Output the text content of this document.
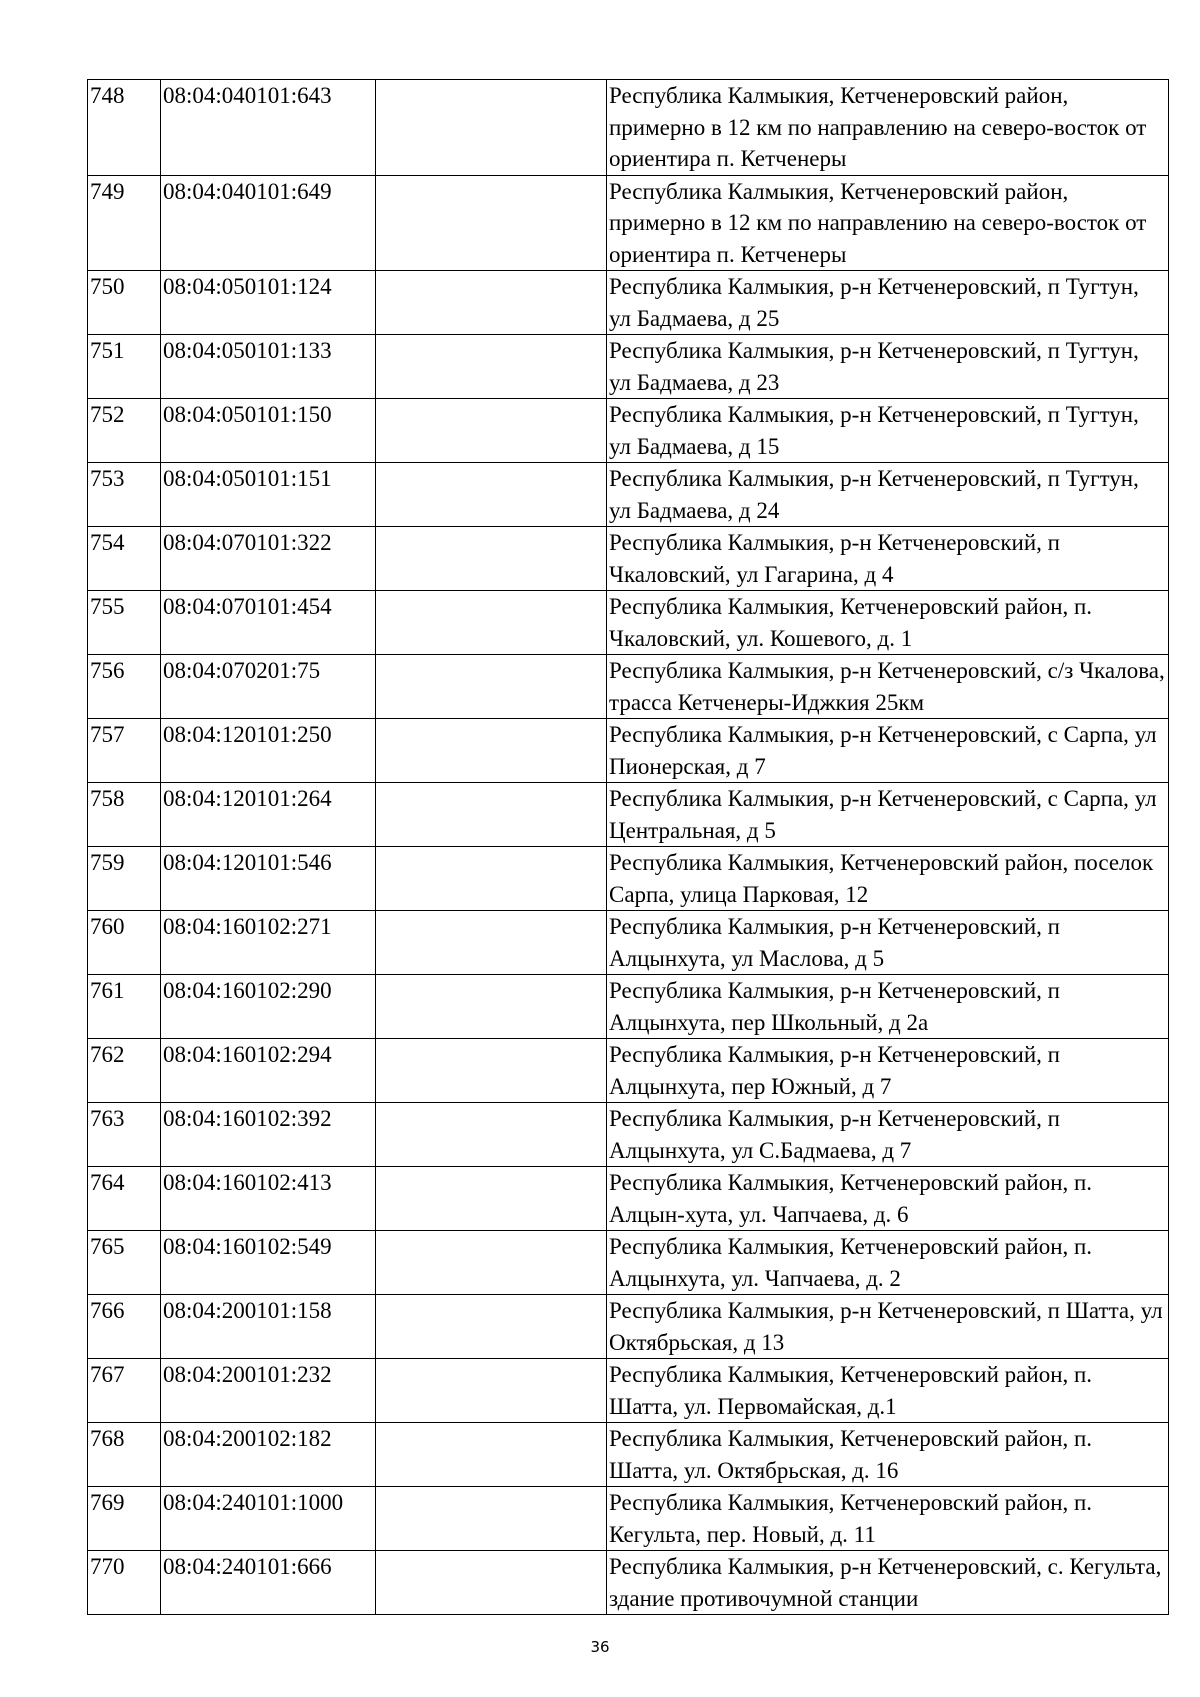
748	08:04:040101:643		Республика Калмыкия, Кетченеровский район, примерно в 12 км по направлению на северо-восток от ориентира п. Кетченеры
749	08:04:040101:649		Республика Калмыкия, Кетченеровский район, примерно в 12 км по направлению на северо-восток от ориентира п. Кетченеры
750	08:04:050101:124		Республика Калмыкия, р-н Кетченеровский, п Тугтун, ул Бадмаева, д 25
751	08:04:050101:133		Республика Калмыкия, р-н Кетченеровский, п Тугтун, ул Бадмаева, д 23
752	08:04:050101:150		Республика Калмыкия, р-н Кетченеровский, п Тугтун, ул Бадмаева, д 15
753	08:04:050101:151		Республика Калмыкия, р-н Кетченеровский, п Тугтун, ул Бадмаева, д 24
754	08:04:070101:322		Республика Калмыкия, р-н Кетченеровский, п Чкаловский, ул Гагарина, д 4
755	08:04:070101:454		Республика Калмыкия, Кетченеровский район, п. Чкаловский, ул. Кошевого, д. 1
756	08:04:070201:75		Республика Калмыкия, р-н Кетченеровский, с/з Чкалова, трасса Кетченеры-Иджкия 25км
757	08:04:120101:250		Республика Калмыкия, р-н Кетченеровский, с Сарпа, ул Пионерская, д 7
758	08:04:120101:264		Республика Калмыкия, р-н Кетченеровский, с Сарпа, ул Центральная, д 5
759	08:04:120101:546		Республика Калмыкия, Кетченеровский район, поселок Сарпа, улица Парковая, 12
760	08:04:160102:271		Республика Калмыкия, р-н Кетченеровский, п Алцынхута, ул Маслова, д 5
761	08:04:160102:290		Республика Калмыкия, р-н Кетченеровский, п Алцынхута, пер Школьный, д 2а
762	08:04:160102:294		Республика Калмыкия, р-н Кетченеровский, п Алцынхута, пер Южный, д 7
763	08:04:160102:392		Республика Калмыкия, р-н Кетченеровский, п Алцынхута, ул С.Бадмаева, д 7
764	08:04:160102:413		Республика Калмыкия, Кетченеровский район, п. Алцын-хута, ул. Чапчаева, д. 6
765	08:04:160102:549		Республика Калмыкия, Кетченеровский район, п. Алцынхута, ул. Чапчаева, д. 2
766	08:04:200101:158		Республика Калмыкия, р-н Кетченеровский, п Шатта, ул Октябрьская, д 13
767	08:04:200101:232		Республика Калмыкия, Кетченеровский район, п. Шатта, ул. Первомайская, д.1
768	08:04:200102:182		Республика Калмыкия, Кетченеровский район, п. Шатта, ул. Октябрьская, д. 16
769	08:04:240101:1000		Республика Калмыкия, Кетченеровский район, п. Кегульта, пер. Новый, д. 11
770	08:04:240101:666		Республика Калмыкия, р-н Кетченеровский, с. Кегульта, здание противочумной станции
36
